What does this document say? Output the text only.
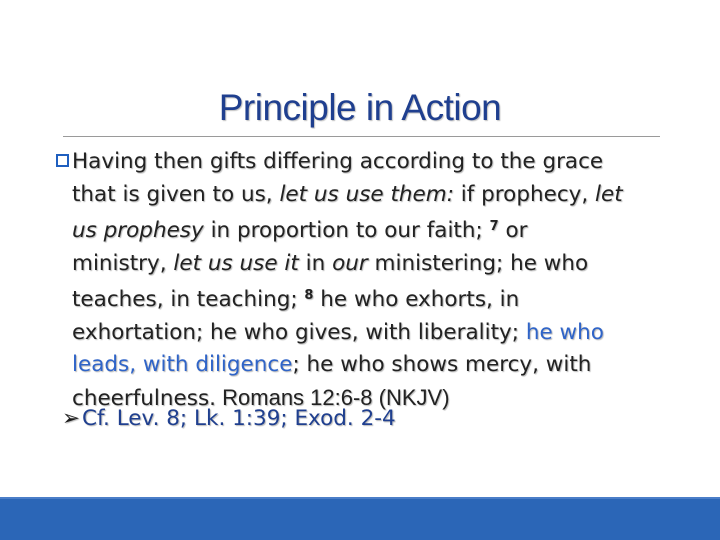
Principle in Action
Having then gifts differing according to the grace
that is given to us, let us use them: if prophecy, let
us prophesy in proportion to our faith; $^7$ or
ministry, let us use it in our ministering; he who
teaches, in teaching; $^8$ he who exhorts, in
exhortation; he who gives, with liberality; he who
leads, with diligence; he who shows mercy, with
cheerfulness. Romans 12:6-8 (NKJV)
➢Cf. Lev. 8; Lk. 1:39; Exod. 2-4
